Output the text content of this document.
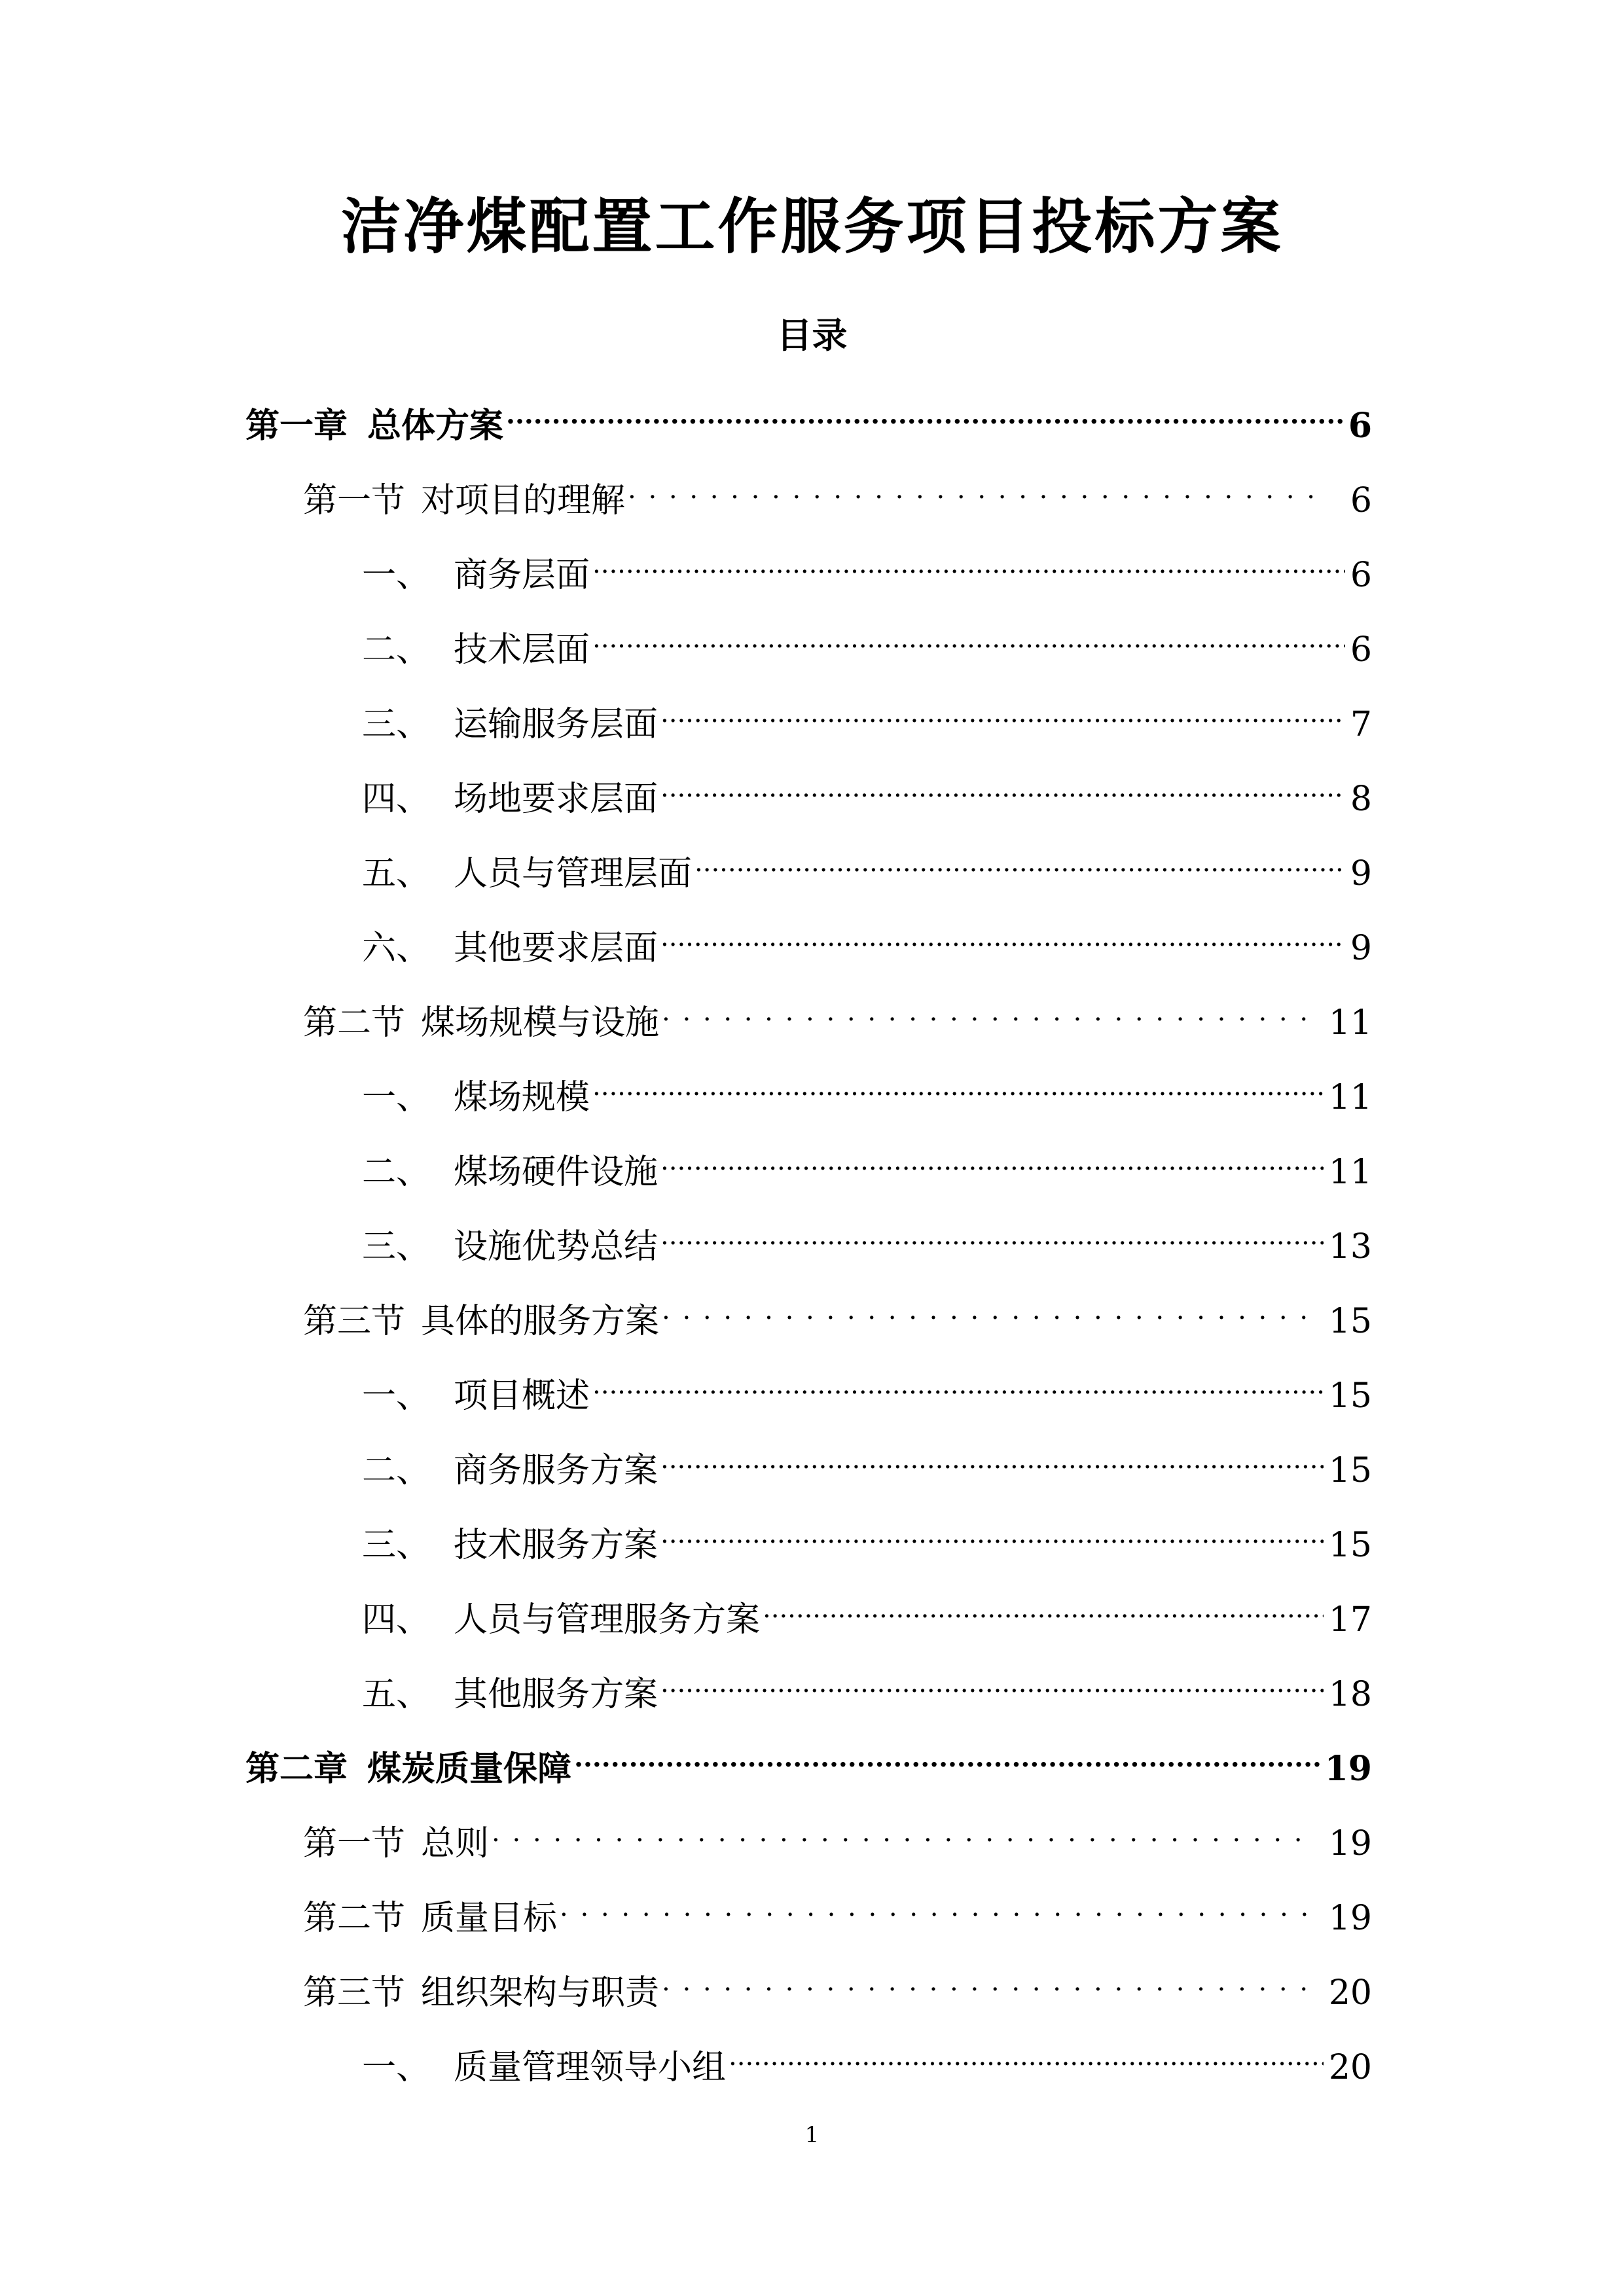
洁净煤配置工作服务项目投标方案
目录
第一章 总体方案 .....	6
第一节 对项目的理解 . . .	6
一、 商务层面 .....	6
二、 技术层面 .....	6
三、 运输服务层面 .....	7
四、 场地要求层面 .....	8
五、 人员与管理层面 .....	9
六、 其他要求层面 .....	9
第二节 煤场规模与设施 . . .	11
一、 煤场规模 .....	11
二、 煤场硬件设施 .....	11
三、 设施优势总结 .....	13
第三节 具体的服务方案 . . .	15
一、 项目概述 .....	15
二、 商务服务方案 .....	15
三、 技术服务方案 .....	15
四、 人员与管理服务方案 .....	17
五、 其他服务方案 .....	18
第二章 煤炭质量保障 .....	19
第一节 总则 . . .	19
第二节 质量目标 . . .	19
第三节 组织架构与职责 . . .	20
一、 质量管理领导小组 .....	20
1
